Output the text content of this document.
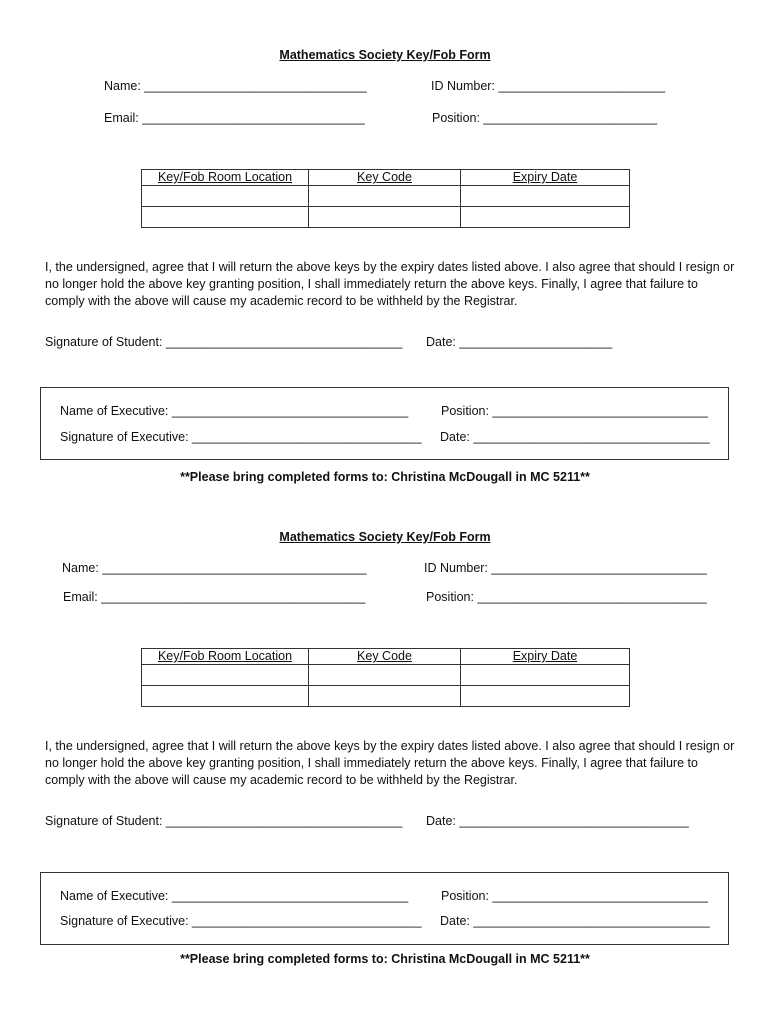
Mathematics Society Key/Fob Form
Name: ________________________________	ID Number: ________________________
Email: ________________________________	Position: _________________________
Key/Fob Room Location	Key Code	Expiry Date

I, the undersigned, agree that I will return the above keys by the expiry dates listed above. I also agree that should I resign or no longer hold the above key granting position, I shall immediately return the above keys. Finally, I agree that failure to comply with the above will cause my academic record to be withheld by the Registrar.
Signature of Student: __________________________________ Date: ______________________
Name of Executive: __________________________________	Position: _______________________________
Signature of Executive: _________________________________ Date: __________________________________
**Please bring completed forms to: Christina McDougall in MC 5211**
Mathematics Society Key/Fob Form
Name: ______________________________________	ID Number: _______________________________
Email: ______________________________________	Position: _________________________________
Key/Fob Room Location	Key Code	Expiry Date

I, the undersigned, agree that I will return the above keys by the expiry dates listed above. I also agree that should I resign or no longer hold the above key granting position, I shall immediately return the above keys. Finally, I agree that failure to comply with the above will cause my academic record to be withheld by the Registrar.
Signature of Student: __________________________________ Date: _________________________________
Name of Executive: __________________________________	Position: _______________________________
Signature of Executive: _________________________________ Date: __________________________________
**Please bring completed forms to: Christina McDougall in MC 5211**
